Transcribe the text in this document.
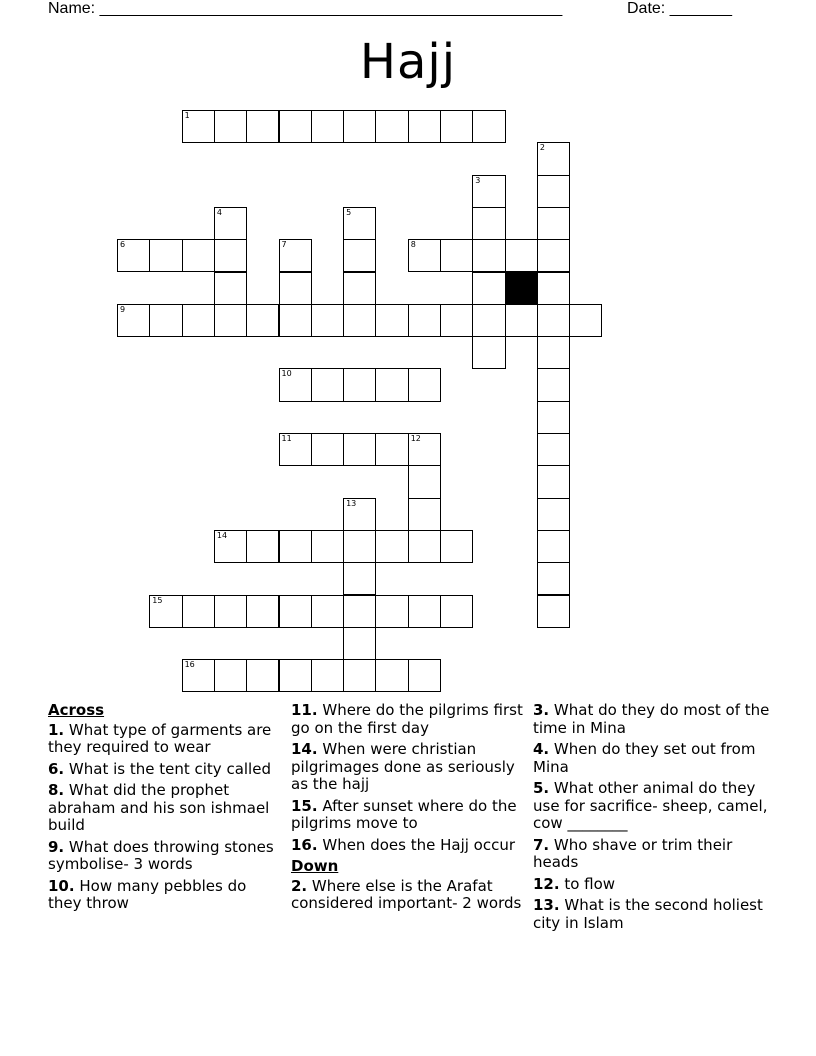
Name: ____________________________________________________	Date: _______
Hajj
1
2
3
4	5
6	7	8
9
10
11	12
13
14
15
16
Across
1. What type of garments are they required to wear
6. What is the tent city called
8. What did the prophet abraham and his son ishmael build
9. What does throwing stones symbolise- 3 words
10. How many pebbles do they throw
11. Where do the pilgrims first go on the first day
14. When were christian pilgrimages done as seriously as the hajj
15. After sunset where do the pilgrims move to
16. When does the Hajj occur
Down
2. Where else is the Arafat considered important- 2 words
3. What do they do most of the time in Mina
4. When do they set out from Mina
5. What other animal do they use for sacrifice- sheep, camel, cow ________
7. Who shave or trim their heads
12. to flow
13. What is the second holiest city in Islam
